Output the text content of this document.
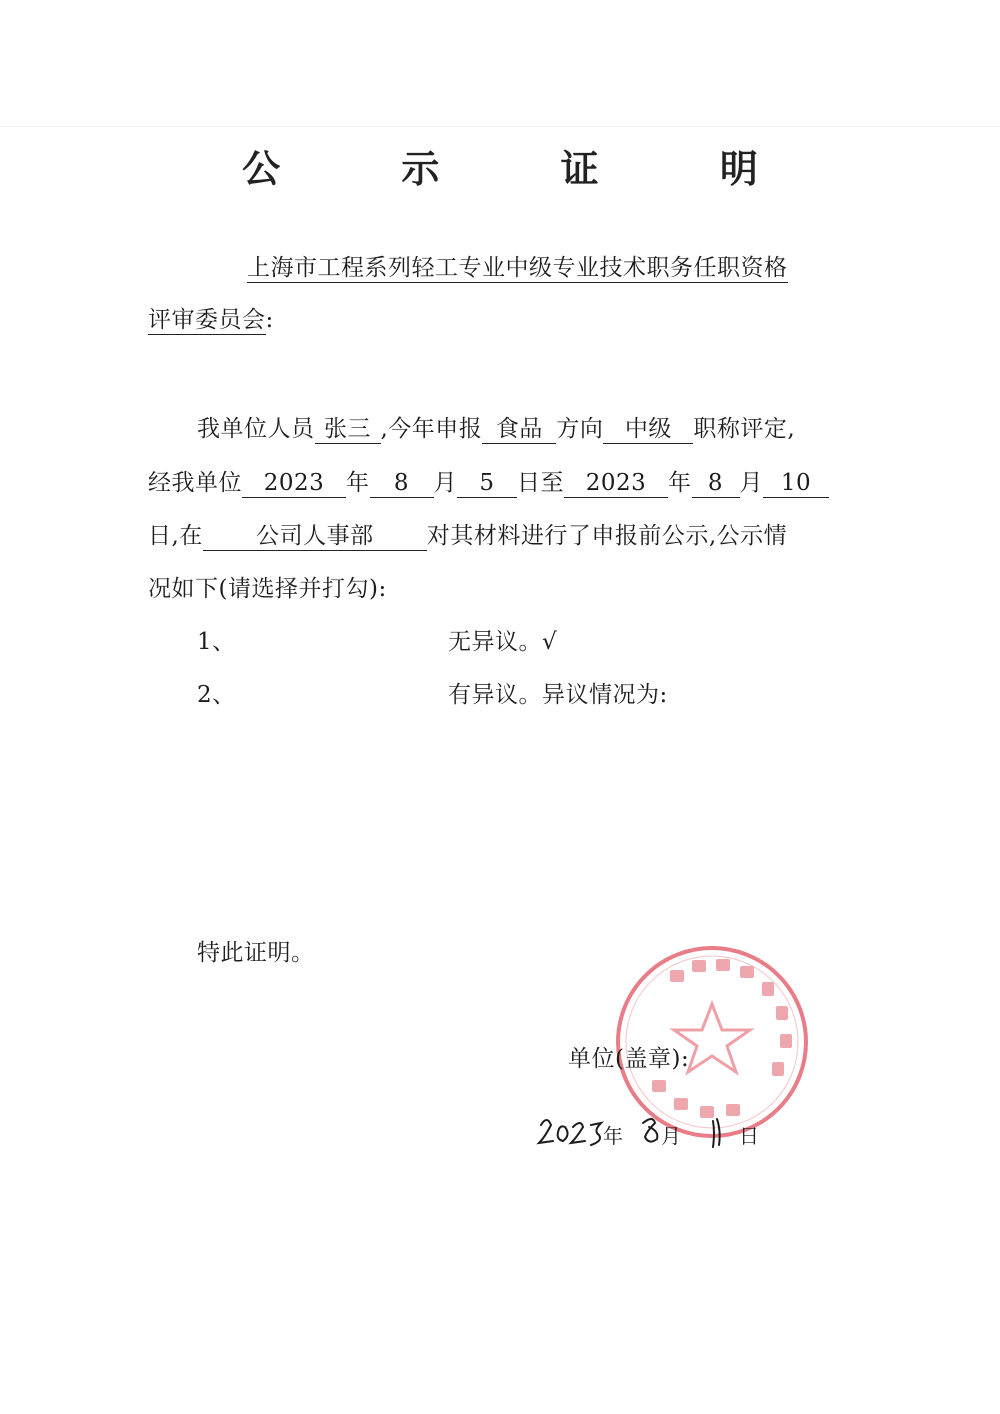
公 示 证 明
上海市工程系列轻工专业中级专业技术职务任职资格
评审委员会:
我单位人员 张三 ,今年申报 食品 方向 中级 职称评定,
经我单位 2023 年 8 月 5 日至 2023 年 8 月 10
日,在 公司人事部 对其材料进行了申报前公示,公示情
况如下(请选择并打勾):
1、	无异议。√
2、	有异议。异议情况为:
特此证明。
单位(盖章):
年 月	日
